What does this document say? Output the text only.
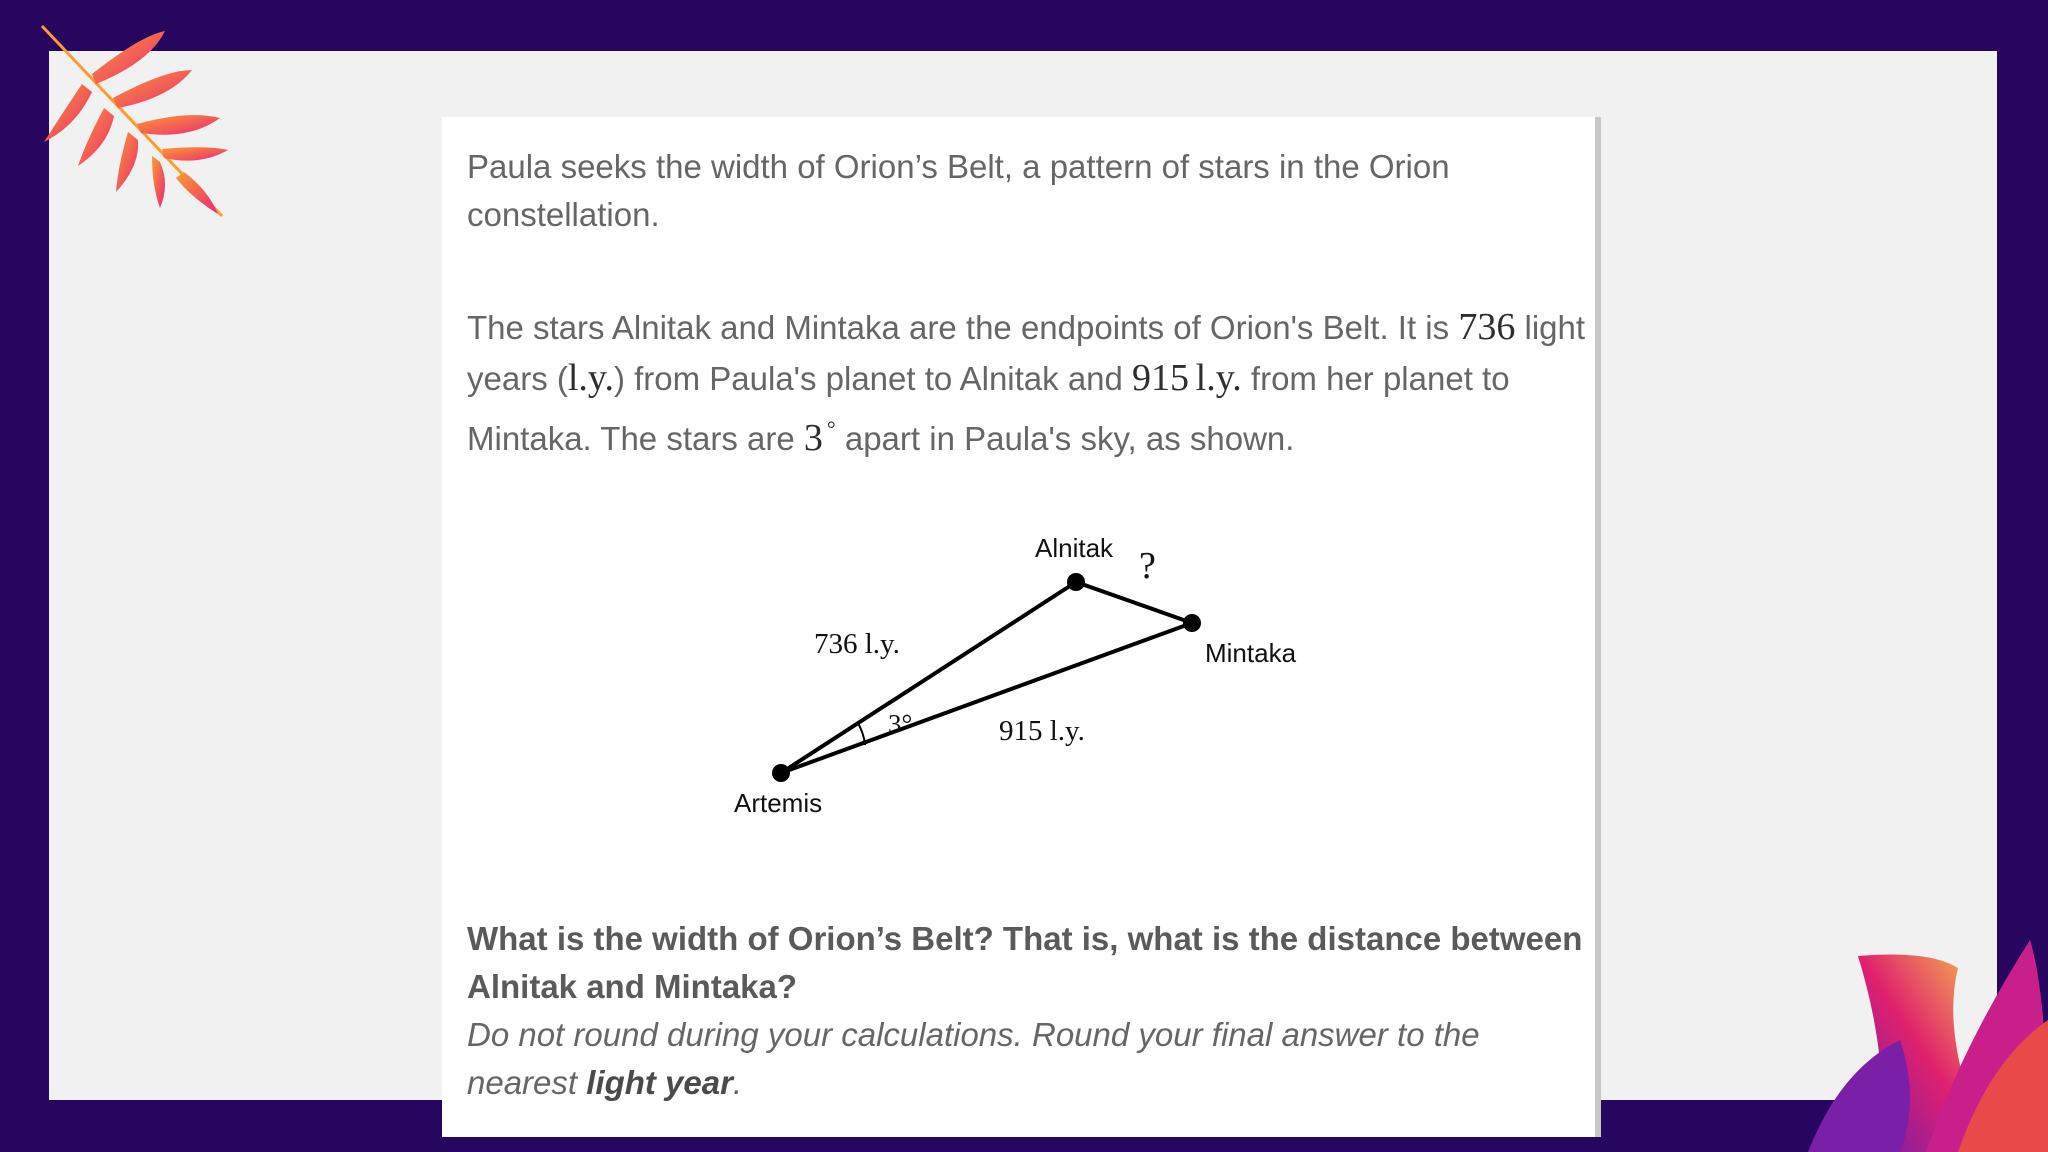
Paula seeks the width of Orion’s Belt, a pattern of stars in the Orion constellation.

The stars Alnitak and Mintaka are the endpoints of Orion's Belt. It is 736 light years (l.y.) from Paula's planet to Alnitak and 915  l.y. from her planet to Mintaka. The stars are 3 ° apart in Paula's sky, as shown.

Alnitak ?
Mintaka
Artemis
736 l.y.
915 l.y.
3°

What is the width of Orion’s Belt? That is, what is the distance between Alnitak and Mintaka?

Do not round during your calculations. Round your final answer to the nearest light year.
